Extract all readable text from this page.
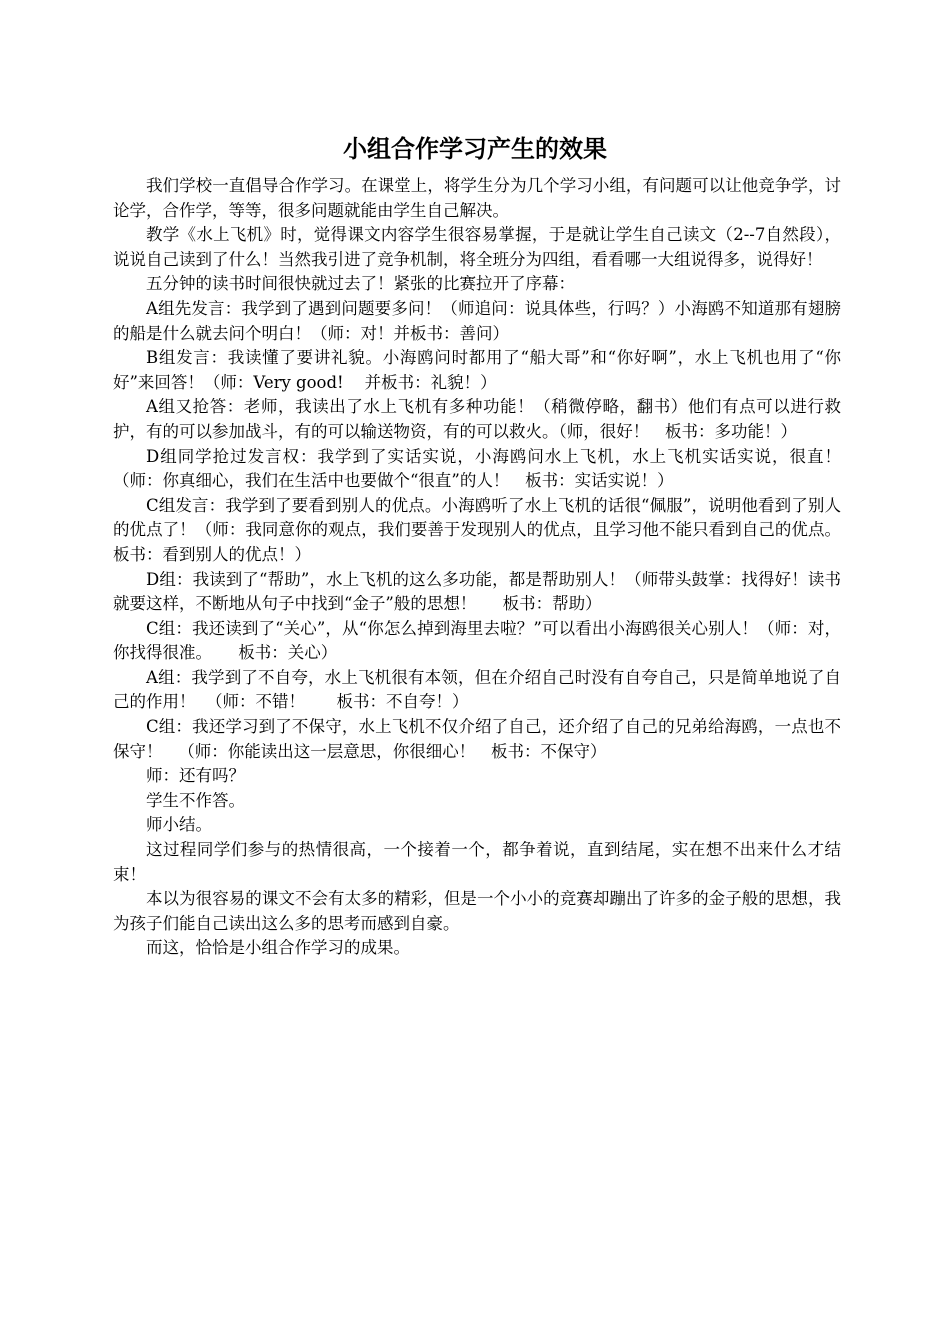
小组合作学习产生的效果

我们学校一直倡导合作学习。在课堂上，将学生分为几个学习小组，有问题可以让他竞争学，讨论学，合作学，等等，很多问题就能由学生自己解决。

教学《水上飞机》时，觉得课文内容学生很容易掌握，于是就让学生自己读文（2--7自然段），说说自己读到了什么！当然我引进了竞争机制，将全班分为四组，看看哪一大组说得多，说得好！

五分钟的读书时间很快就过去了！紧张的比赛拉开了序幕：

A组先发言：我学到了遇到问题要多问！（师追问：说具体些，行吗？）小海鸥不知道那有翅膀的船是什么就去问个明白！（师：对！并板书：善问）

B组发言：我读懂了要讲礼貌。小海鸥问时都用了“船大哥”和“你好啊”，水上飞机也用了“你好”来回答！（师：Very good!    并板书：礼貌！）

A组又抢答：老师，我读出了水上飞机有多种功能！（稍微停略，翻书）他们有点可以进行救护，有的可以参加战斗，有的可以输送物资，有的可以救火。（师，很好！   板书：多功能！）

D组同学抢过发言权：我学到了实话实说，小海鸥问水上飞机，水上飞机实话实说，很直！（师：你真细心，我们在生活中也要做个“很直”的人！   板书：实话实说！）

C组发言：我学到了要看到别人的优点。小海鸥听了水上飞机的话很“佩服”，说明他看到了别人的优点了！（师：我同意你的观点，我们要善于发现别人的优点，且学习他不能只看到自己的优点。     板书：看到别人的优点！）

D组：我读到了“帮助”，水上飞机的这么多功能，都是帮助别人！（师带头鼓掌：找得好！读书就要这样，不断地从句子中找到“金子”般的思想！     板书：帮助）

C组：我还读到了“关心”，从“你怎么掉到海里去啦？”可以看出小海鸥很关心别人！（师：对，你找得很准。     板书：关心）

A组：我学到了不自夸，水上飞机很有本领，但在介绍自己时没有自夸自己，只是简单地说了自己的作用！  （师：不错！      板书：不自夸！）

C组：我还学习到了不保守，水上飞机不仅介绍了自己，还介绍了自己的兄弟给海鸥，一点也不保守！   （师：你能读出这一层意思，你很细心！   板书：不保守）

师：还有吗？

学生不作答。

师小结。

这过程同学们参与的热情很高，一个接着一个，都争着说，直到结尾，实在想不出来什么才结束！

本以为很容易的课文不会有太多的精彩，但是一个小小的竞赛却蹦出了许多的金子般的思想，我为孩子们能自己读出这么多的思考而感到自豪。

而这，恰恰是小组合作学习的成果。
